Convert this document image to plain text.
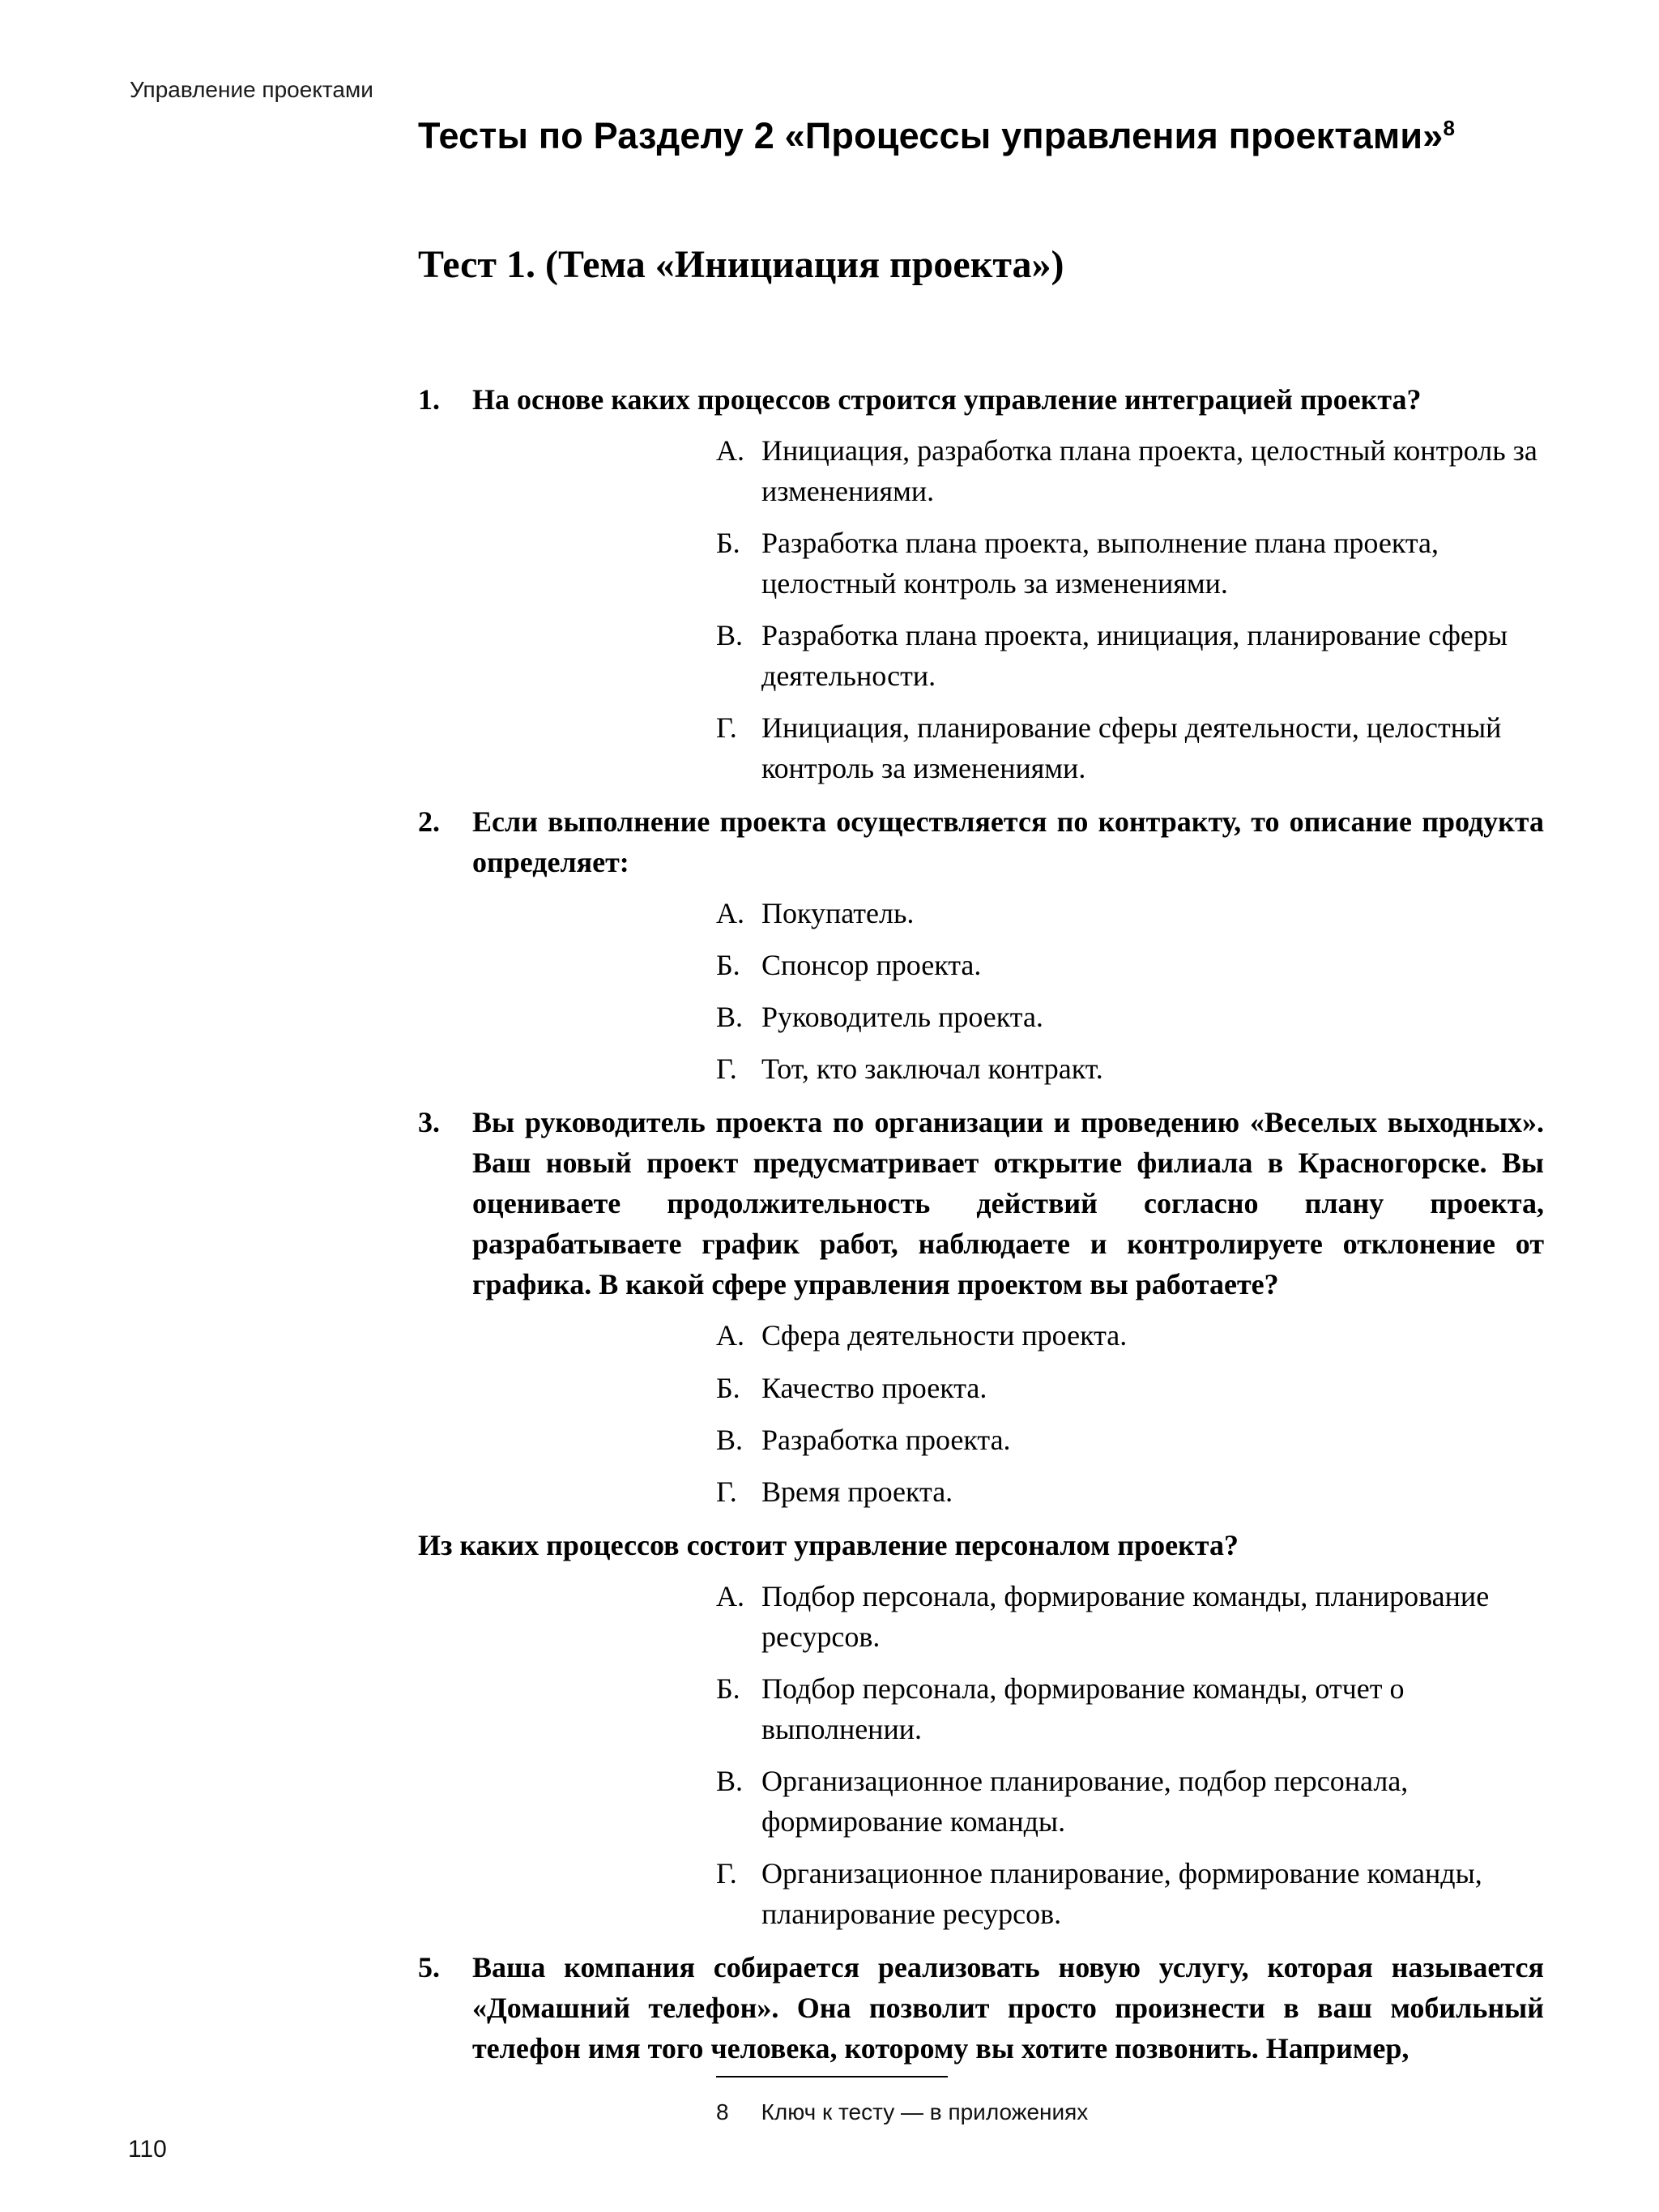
Управление проектами
Тесты по Разделу 2 «Процессы управления проектами»$^8$
Тест 1. (Тема «Инициация проекта»)
1.	На основе каких процессов строится управление интеграцией проекта?
А. Инициация, разработка плана проекта, целостный контроль за изменениями.
Б. Разработка плана проекта, выполнение плана проекта, целостный контроль за изменениями.
В. Разработка плана проекта, инициация, планирование сферы деятельности.
Г. Инициация, планирование сферы деятельности, целостный контроль за изменениями.
2.	Если выполнение проекта осуществляется по контракту, то описание продукта определяет:
А. Покупатель.
Б. Спонсор проекта.
В. Руководитель проекта.
Г. Тот, кто заключал контракт.
3.	Вы руководитель проекта по организации и проведению «Веселых выходных». Ваш новый проект предусматривает открытие филиала в Красногорске. Вы оцениваете продолжительность действий согласно плану проекта, разрабатываете график работ, наблюдаете и контролируете отклонение от графика. В какой сфере управления проектом вы работаете?
А. Сфера деятельности проекта.
Б. Качество проекта.
В. Разработка проекта.
Г. Время проекта.
Из каких процессов состоит управление персоналом проекта?
А. Подбор персонала, формирование команды, планирование ресурсов.
Б. Подбор персонала, формирование команды, отчет о выполнении.
В. Организационное планирование, подбор персонала, формирование команды.
Г. Организационное планирование, формирование команды, планирование ресурсов.
5.	Ваша компания собирается реализовать новую услугу, которая называется «Домашний телефон». Она позволит просто произнести в ваш мобильный телефон имя того человека, которому вы хотите позвонить. Например,
8 Ключ к тесту — в приложениях
110
